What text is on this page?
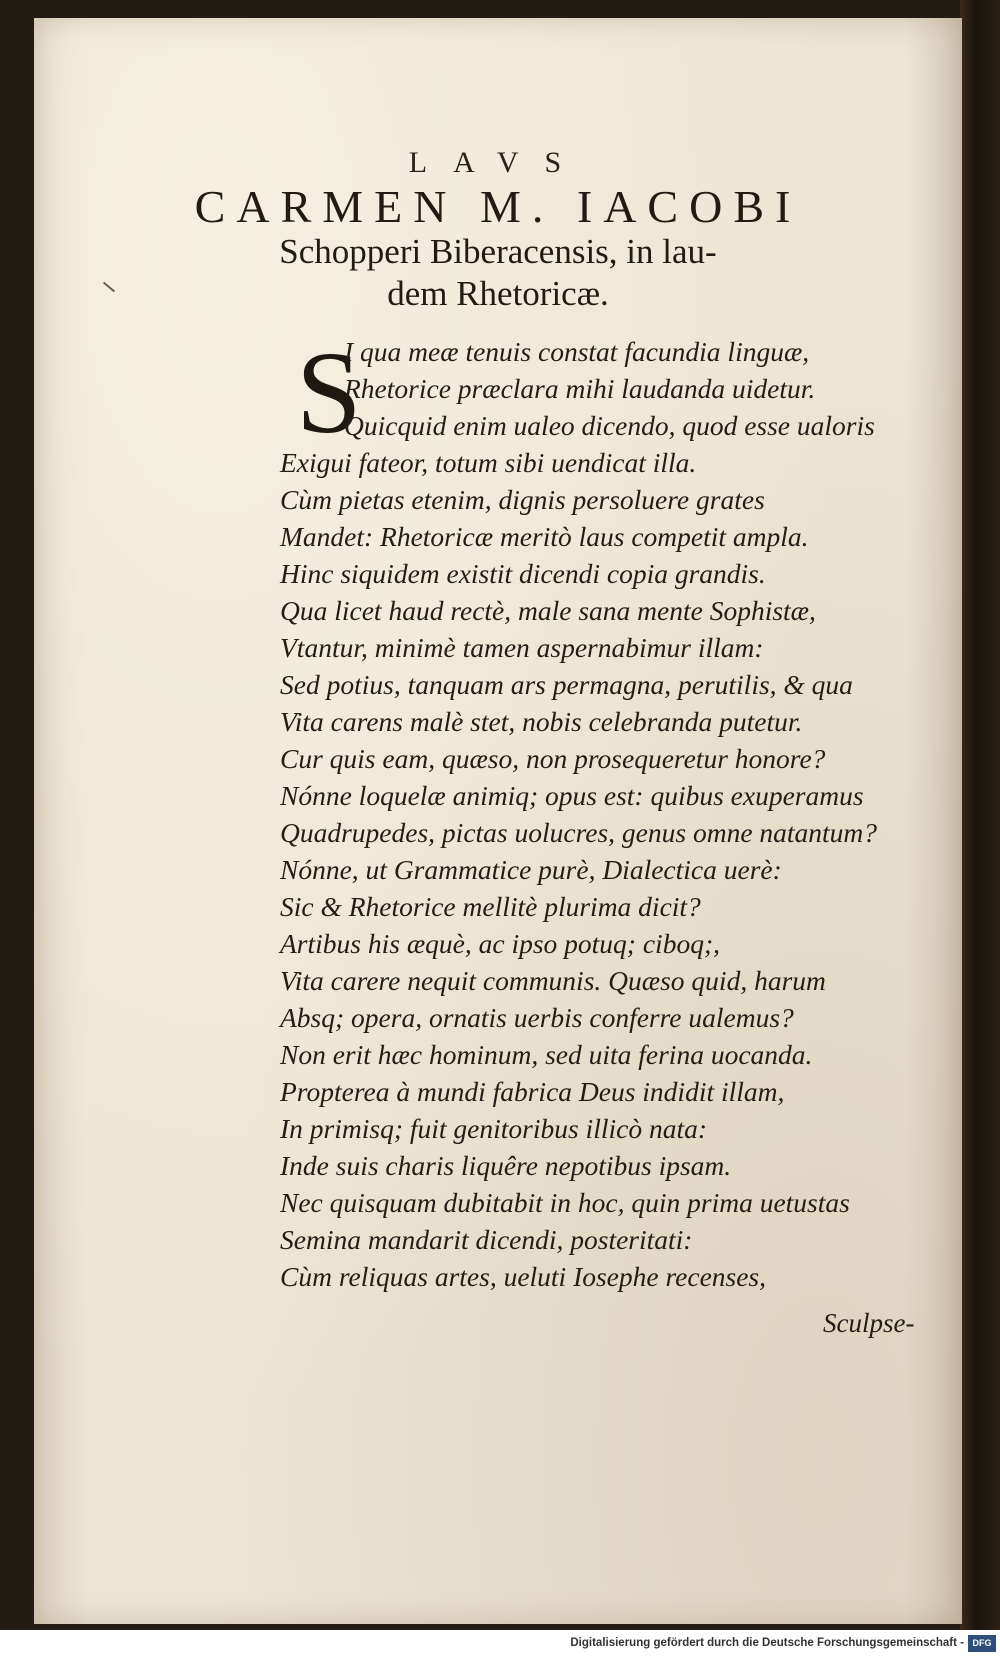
LAVS
CARMEN M. IACOBI
Schopperi Biberacensis, in lau-
dem Rhetoricæ.
S
I qua meæ tenuis constat facundia linguæ,
Rhetorice præclara mihi laudanda uidetur.
Quicquid enim ualeo dicendo, quod esse ualoris
Exigui fateor, totum sibi uendicat illa.
Cùm pietas etenim, dignis persoluere grates
Mandet: Rhetoricæ meritò laus competit ampla.
Hinc siquidem existit dicendi copia grandis.
Qua licet haud rectè, male sana mente Sophistæ,
Vtantur, minimè tamen aspernabimur illam:
Sed potius, tanquam ars permagna, perutilis, & qua
Vita carens malè stet, nobis celebranda putetur.
Cur quis eam, quæso, non prosequeretur honore?
Nónne loquelæ animiq; opus est: quibus exuperamus
Quadrupedes, pictas uolucres, genus omne natantum?
Nónne, ut Grammatice purè, Dialectica uerè:
Sic & Rhetorice mellitè plurima dicit?
Artibus his æquè, ac ipso potuq; ciboq;,
Vita carere nequit communis. Quæso quid, harum
Absq; opera, ornatis uerbis conferre ualemus?
Non erit hæc hominum, sed uita ferina uocanda.
Propterea à mundi fabrica Deus indidit illam,
In primisq; fuit genitoribus illicò nata:
Inde suis charis liquêre nepotibus ipsam.
Nec quisquam dubitabit in hoc, quin prima uetustas
Semina mandarit dicendi, posteritati:
Cùm reliquas artes, ueluti Iosephe recenses,
Sculpse-
Digitalisierung gefördert durch die Deutsche Forschungsgemeinschaft - DFG
